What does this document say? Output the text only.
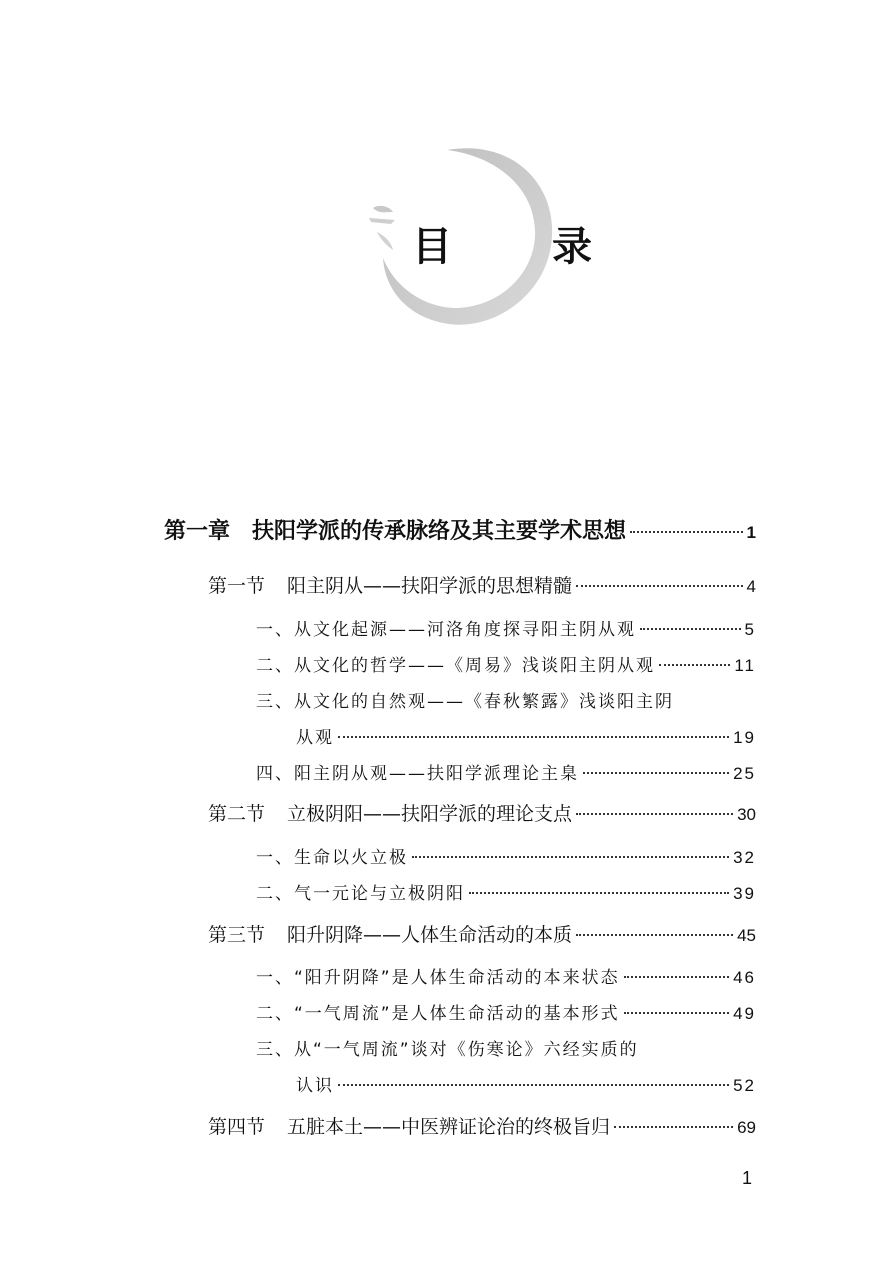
目　录
第一章 扶阳学派的传承脉络及其主要学术思想	1
第一节 阳主阴从——扶阳学派的思想精髓	4
一、从文化起源——河洛角度探寻阳主阴从观	5
二、从文化的哲学——《周易》浅谈阳主阴从观	11
三、从文化的自然观——《春秋繁露》浅谈阳主阴
从观	19
四、阳主阴从观——扶阳学派理论主臬	25
第二节 立极阴阳——扶阳学派的理论支点	30
一、生命以火立极	32
二、气一元论与立极阴阳	39
第三节 阳升阴降——人体生命活动的本质	45
一、“阳升阴降”是人体生命活动的本来状态	46
二、“一气周流”是人体生命活动的基本形式	49
三、从“一气周流”谈对《伤寒论》六经实质的
认识	52
第四节 五脏本土——中医辨证论治的终极旨归	69
1
